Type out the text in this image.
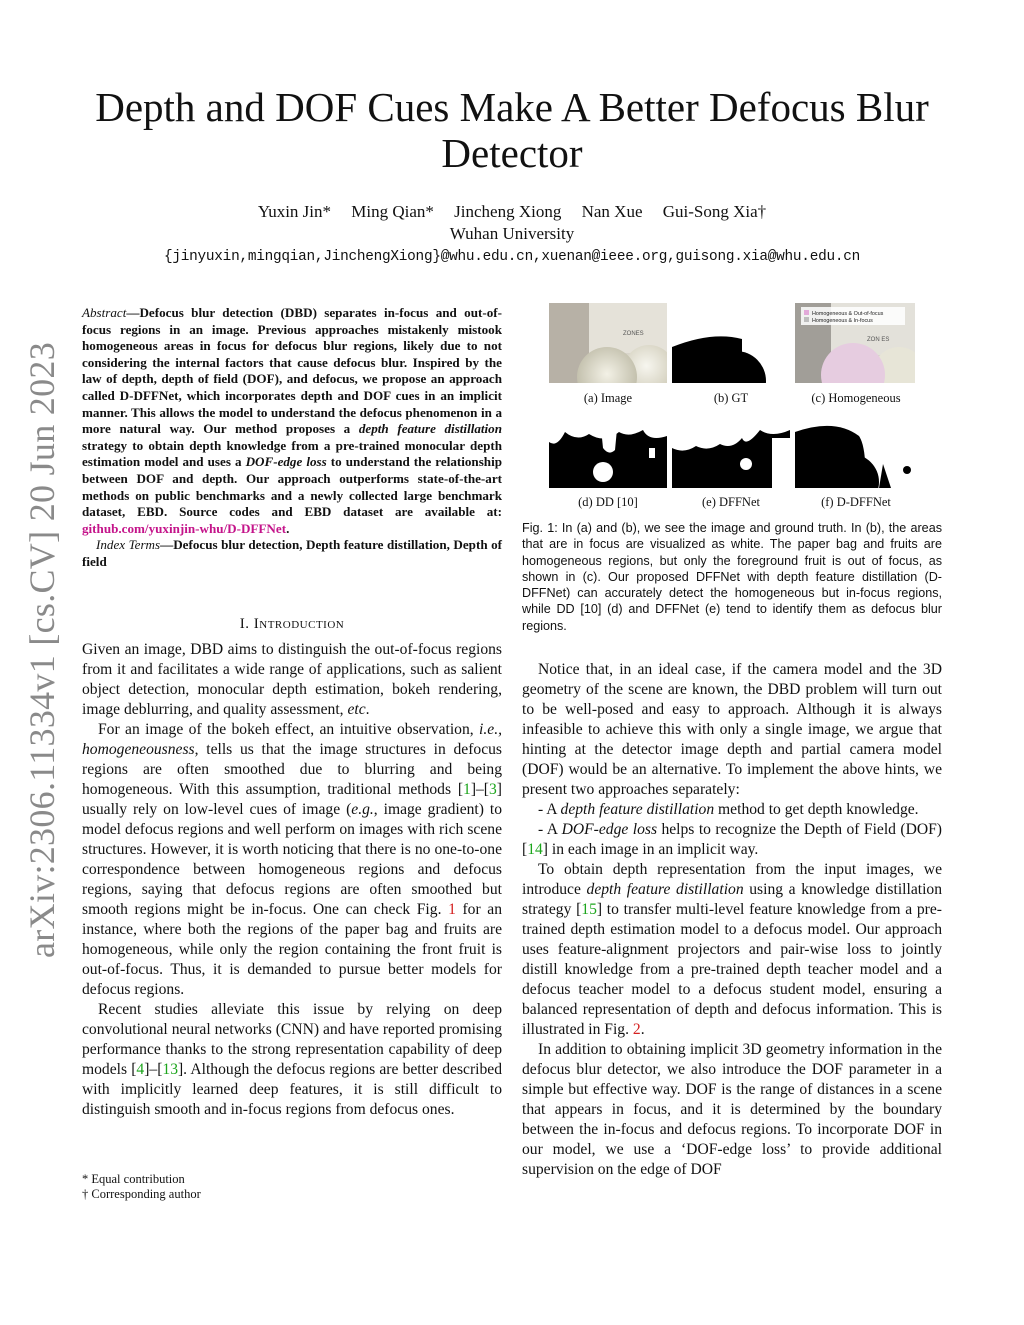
arXiv:2306.11334v1 [cs.CV] 20 Jun 2023
Depth and DOF Cues Make A Better Defocus Blur Detector
Yuxin Jin* Ming Qian* Jincheng Xiong Nan Xue Gui-Song Xia†
Wuhan University
{jinyuxin,mingqian,JinchengXiong}@whu.edu.cn,xuenan@ieee.org,guisong.xia@whu.edu.cn
Abstract—Defocus blur detection (DBD) separates in-focus and out-of-focus regions in an image. Previous approaches mistakenly mistook homogeneous areas in focus for defocus blur regions, likely due to not considering the internal factors that cause defocus blur. Inspired by the law of depth, depth of field (DOF), and defocus, we propose an approach called D-DFFNet, which incorporates depth and DOF cues in an implicit manner. This allows the model to understand the defocus phenomenon in a more natural way. Our method proposes a depth feature distillation strategy to obtain depth knowledge from a pre-trained monocular depth estimation model and uses a DOF-edge loss to understand the relationship between DOF and depth. Our approach outperforms state-of-the-art methods on public benchmarks and a newly collected large benchmark dataset, EBD. Source codes and EBD dataset are available at: github.com/yuxinjin-whu/D-DFFNet.
Index Terms—Defocus blur detection, Depth feature distillation, Depth of field
I. Introduction

Given an image, DBD aims to distinguish the out-of-focus regions from it and facilitates a wide range of applications, such as salient object detection, monocular depth estimation, bokeh rendering, image deblurring, and quality assessment, etc.

For an image of the bokeh effect, an intuitive observation, i.e., homogeneousness, tells us that the image structures in defocus regions are often smoothed due to blurring and being homogeneous. With this assumption, traditional methods [1]–[3] usually rely on low-level cues of image (e.g., image gradient) to model defocus regions and well perform on images with rich scene structures. However, it is worth noticing that there is no one-to-one correspondence between homogeneous regions and defocus regions, saying that defocus regions are often smoothed but smooth regions might be in-focus. One can check Fig. 1 for an instance, where both the regions of the paper bag and fruits are homogeneous, while only the region containing the front fruit is out-of-focus. Thus, it is demanded to pursue better models for defocus regions.

Recent studies alleviate this issue by relying on deep convolutional neural networks (CNN) and have reported promising performance thanks to the strong representation capability of deep models [4]–[13]. Although the defocus regions are better described with implicitly learned deep features, it is still difficult to distinguish smooth and in-focus regions from defocus ones.

* Equal contribution
† Corresponding author
ZONES
ZON ES
Homogeneous & Out-of-focus
Homogeneous & In-focus
(a) Image	(b) GT	(c) Homogeneous
(d) DD [10]	(e) DFFNet	(f) D-DFFNet
Fig. 1: In (a) and (b), we see the image and ground truth. In (b), the areas that are in focus are visualized as white. The paper bag and fruits are homogeneous regions, but only the foreground fruit is out of focus, as shown in (c). Our proposed DFFNet with depth feature distillation (D-DFFNet) can accurately detect the homogeneous but in-focus regions, while DD [10] (d) and DFFNet (e) tend to identify them as defocus blur regions.

Notice that, in an ideal case, if the camera model and the 3D geometry of the scene are known, the DBD problem will turn out to be well-posed and easy to approach. Although it is always infeasible to achieve this with only a single image, we argue that hinting at the detector image depth and partial camera model (DOF) would be an alternative. To implement the above hints, we present two approaches separately:

- A depth feature distillation method to get depth knowledge.

- A DOF-edge loss helps to recognize the Depth of Field (DOF) [14] in each image in an implicit way.

To obtain depth representation from the input images, we introduce depth feature distillation using a knowledge distillation strategy [15] to transfer multi-level feature knowledge from a pre-trained depth estimation model to a defocus model. Our approach uses feature-alignment projectors and pair-wise loss to jointly distill knowledge from a pre-trained depth teacher model and a defocus teacher model to a defocus student model, ensuring a balanced representation of depth and defocus information. This is illustrated in Fig. 2.

In addition to obtaining implicit 3D geometry information in the defocus blur detector, we also introduce the DOF parameter in a simple but effective way. DOF is the range of distances in a scene that appears in focus, and it is determined by the boundary between the in-focus and defocus regions. To incorporate DOF in our model, we use a ‘DOF-edge loss’ to provide additional supervision on the edge of DOF
